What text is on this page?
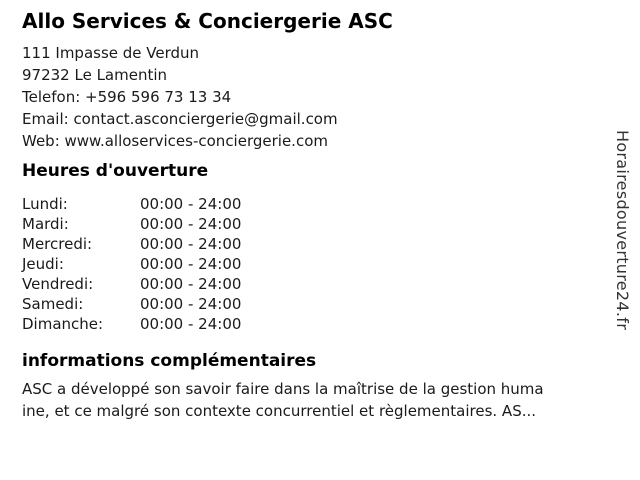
Allo Services & Conciergerie ASC
111 Impasse de Verdun
97232 Le Lamentin
Telefon: +596 596 73 13 34
Email: contact.asconciergerie@gmail.com
Web: www.alloservices-conciergerie.com
Heures d'ouverture
Lundi:	00:00 - 24:00
Mardi:	00:00 - 24:00
Mercredi:	00:00 - 24:00
Jeudi:	00:00 - 24:00
Vendredi:	00:00 - 24:00
Samedi:	00:00 - 24:00
Dimanche:	00:00 - 24:00
informations complémentaires
ASC a développé son savoir faire dans la maîtrise de la gestion huma
ine, et ce malgré son contexte concurrentiel et règlementaires. AS...
Horairesdouverture24.fr
